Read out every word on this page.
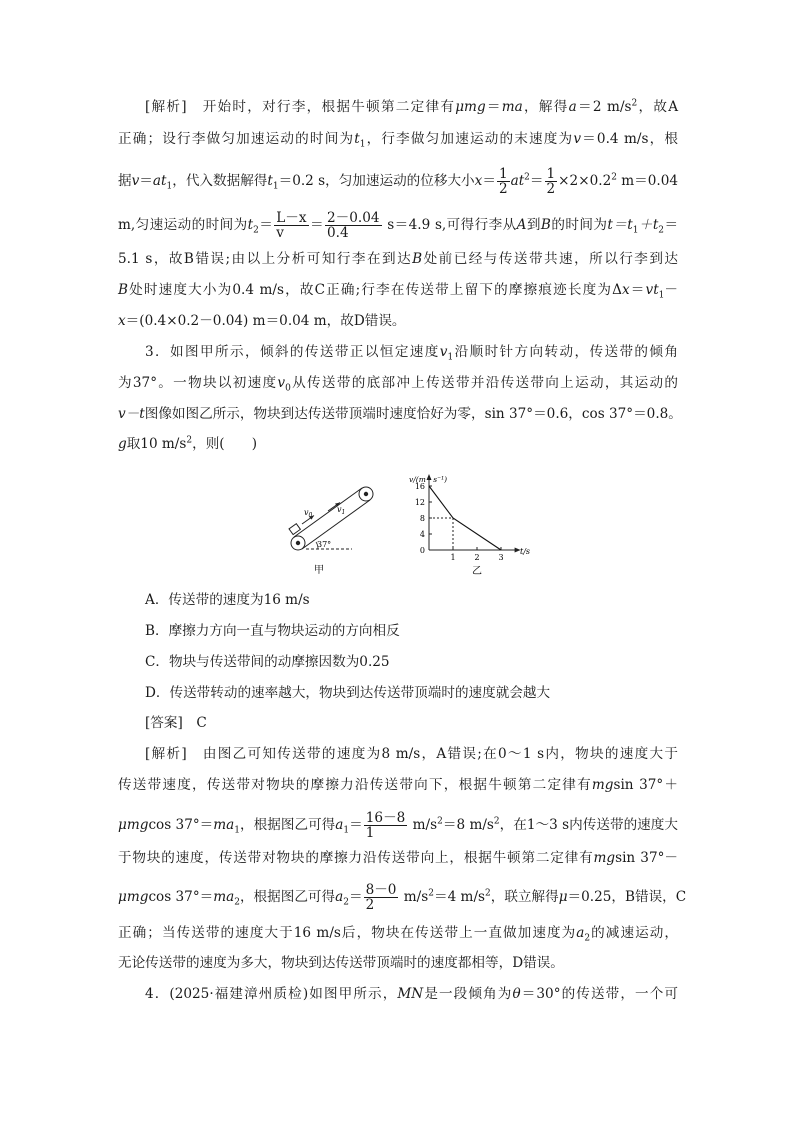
[解析]　 开始时，对行李，根据牛顿第二定律有μmg＝ma，解得a＝2 $m/s^2$，故A
正确；设行李做匀加速运动的时间为$t_1$，行李做匀加速运动的末速度为v＝0.4 m/s，根
据$v=at_1$，代入数据解得$t_1=0.2$ s，匀加速运动的位移大小$x= \frac{1}{2} at^2= \frac{1}{2} \times 2\times 0.2^2$ m＝0.04
m,匀速运动的时间为$t_2= \frac{L-x}{v} = \frac{2-0.04}{0.4} s=4.9$ s,可得行李从A到B的时间为$t=t_1+t_2=$
5.1 s，故B错误;由以上分析可知行李在到达B处前已经与传送带共速，所以行李到达
B处时速度大小为0.4 m/s，故C正确;行李在传送带上留下的摩擦痕迹长度为$\Delta x=vt_1-$
x＝(0.4×0.2－0.04) m＝0.04 m，故D错误。
3．如图甲所示，倾斜的传送带正以恒定速度$v_1$沿顺时针方向转动，传送带的倾角
为37°。一物块以初速度$v_0$从传送带的底部冲上传送带并沿传送带向上运动，其运动的
v－t图像如图乙所示，物块到达传送带顶端时速度恰好为零，sin 37°＝0.6，cos 37°＝0.8。
g取10 $m/s^2$，则(　　)
$v_0$
$v_1$
37°
甲
0
4
8
12
16
1 2 3
v/(m・s⁻¹)
t/s
乙
A．传送带的速度为16 m/s
B．摩擦力方向一直与物块运动的方向相反
C．物块与传送带间的动摩擦因数为0.25
D．传送带转动的速率越大，物块到达传送带顶端时的速度就会越大
[答案]　 C
[解析]　 由图乙可知传送带的速度为8 m/s，A错误;在0～1 s内，物块的速度大于
传送带速度，传送带对物块的摩擦力沿传送带向下，根据牛顿第二定律有mgsin 37°＋
μmgcos $37^\circ=ma_1$，根据图乙可得$a_1= \frac{16-8}{1} m/s^2=8$ $m/s^2$，在1～3 s内传送带的速度大
于物块的速度，传送带对物块的摩擦力沿传送带向上，根据牛顿第二定律有mgsin 37°－
μmgcos $37^\circ=ma_2$，根据图乙可得$a_2= \frac{8-0}{2} m/s^2=4$ $m/s^2$，联立解得μ＝0.25，B错误，C
正确；当传送带的速度大于16 m/s后，物块在传送带上一直做加速度为$a_2$的减速运动，
无论传送带的速度为多大，物块到达传送带顶端时的速度都相等，D错误。
4．(2025·福建漳州质检)如图甲所示，MN是一段倾角为θ＝30°的传送带，一个可
